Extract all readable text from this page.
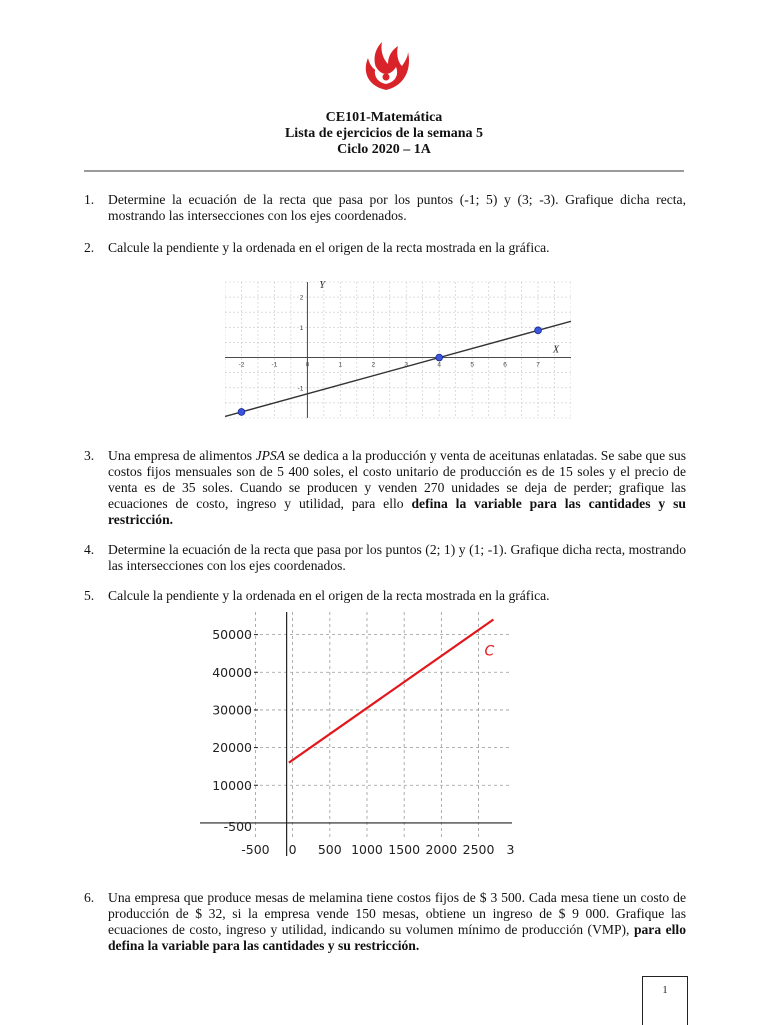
CE101-Matemática
Lista de ejercicios de la semana 5
Ciclo 2020 – 1A
1. Determine la ecuación de la recta que pasa por los puntos (-1; 5) y (3; -3). Grafique dicha recta, mostrando las intersecciones con los ejes coordenados.
2. Calcule la pendiente y la ordenada en el origen de la recta mostrada en la gráfica.
-2	-1	0	1	2	3	4	5	6	7
2
1
-1
Y
X
3. Una empresa de alimentos JPSA se dedica a la producción y venta de aceitunas enlatadas. Se sabe que sus costos fijos mensuales son de 5 400 soles, el costo unitario de producción es de 15 soles y el precio de venta es de 35 soles. Cuando se producen y venden 270 unidades se deja de perder; grafique las ecuaciones de costo, ingreso y utilidad, para ello defina la variable para las cantidades y su restricción.
4. Determine la ecuación de la recta que pasa por los puntos (2; 1) y (1; -1). Grafique dicha recta, mostrando las intersecciones con los ejes coordenados.
5. Calcule la pendiente y la ordenada en el origen de la recta mostrada en la gráfica.
-500 0 500 1000 1500 2000 2500 3
50000
40000
30000
20000
10000
-500
C
6. Una empresa que produce mesas de melamina tiene costos fijos de $ 3 500. Cada mesa tiene un costo de producción de $ 32, si la empresa vende 150 mesas, obtiene un ingreso de $ 9 000. Grafique las ecuaciones de costo, ingreso y utilidad, indicando su volumen mínimo de producción (VMP), para ello defina la variable para las cantidades y su restricción.
1
